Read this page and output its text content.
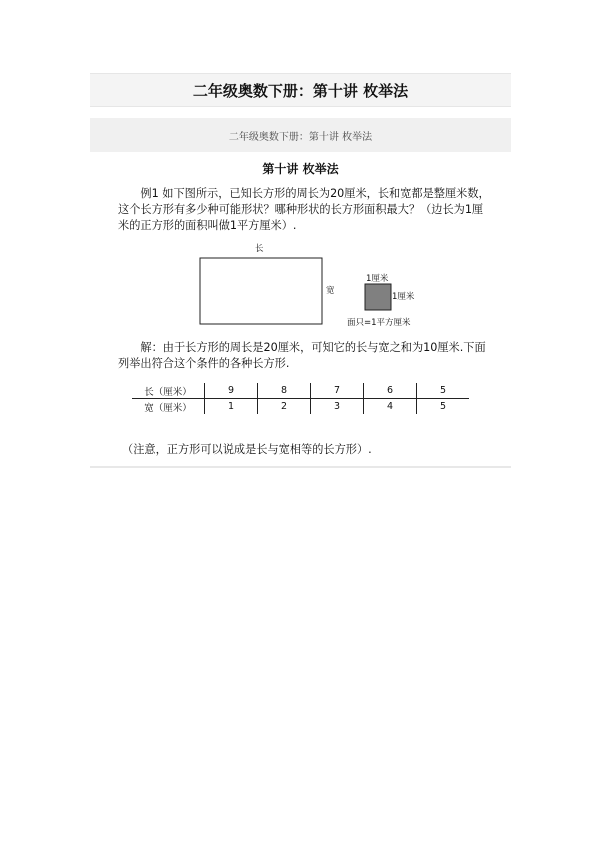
二年级奥数下册：第十讲 枚举法
二年级奥数下册：第十讲 枚举法
第十讲 枚举法
例1 如下图所示，已知长方形的周长为20厘米，长和宽都是整厘米数，这个长方形有多少种可能形状？哪种形状的长方形面积最大？（边长为1厘米的正方形的面积叫做1平方厘米）.
长
宽
1厘米
1厘米
面只=1平方厘米
解：由于长方形的周长是20厘米，可知它的长与宽之和为10厘米.下面列举出符合这个条件的各种长方形.
长（厘米）	9	8	7	6	5
宽（厘米）	1	2	3	4	5
（注意，正方形可以说成是长与宽相等的长方形）.
